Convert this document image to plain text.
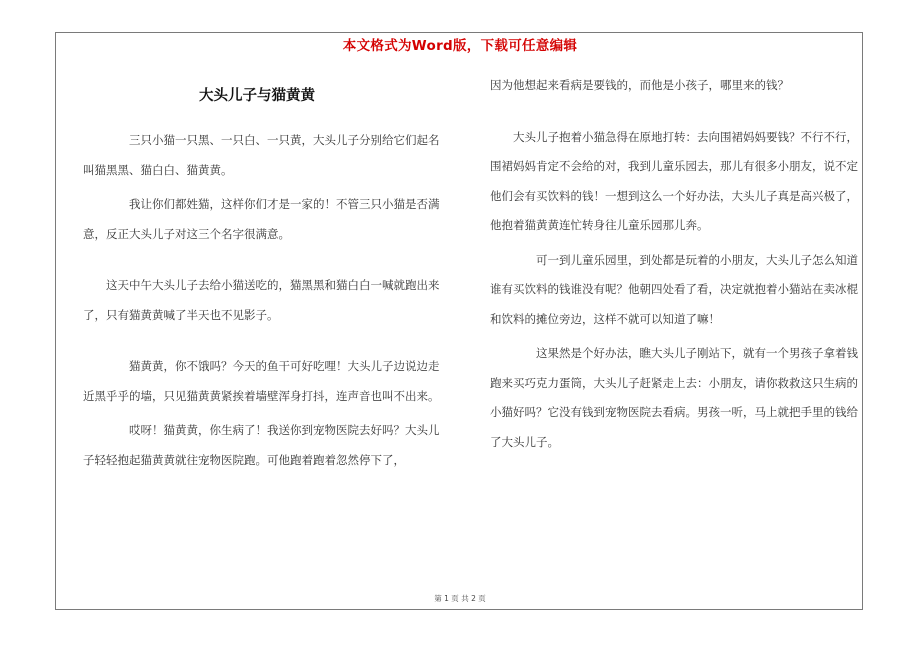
本文格式为Word版，下载可任意编辑
大头儿子与猫黄黄

　　　　三只小猫一只黑、一只白、一只黄，大头儿子分别给它们起名叫猫黑黑、猫白白、猫黄黄。

　　　　我让你们都姓猫，这样你们才是一家的！不管三只小猫是否满意，反正大头儿子对这三个名字很满意。

　　这天中午大头儿子去给小猫送吃的，猫黑黑和猫白白一喊就跑出来了，只有猫黄黄喊了半天也不见影子。

　　　　猫黄黄，你不饿吗？今天的鱼干可好吃哩！大头儿子边说边走近黑乎乎的墙，只见猫黄黄紧挨着墙壁浑身打抖，连声音也叫不出来。

　　　　哎呀！猫黄黄，你生病了！我送你到宠物医院去好吗？大头儿子轻轻抱起猫黄黄就往宠物医院跑。可他跑着跑着忽然停下了，

因为他想起来看病是要钱的，而他是小孩子，哪里来的钱？

　　大头儿子抱着小猫急得在原地打转：去向围裙妈妈要钱？不行不行，围裙妈妈肯定不会给的对，我到儿童乐园去，那儿有很多小朋友，说不定他们会有买饮料的钱！一想到这么一个好办法，大头儿子真是高兴极了，他抱着猫黄黄连忙转身往儿童乐园那儿奔。

　　　　可一到儿童乐园里，到处都是玩着的小朋友，大头儿子怎么知道谁有买饮料的钱谁没有呢？他朝四处看了看，决定就抱着小猫站在卖冰棍和饮料的摊位旁边，这样不就可以知道了嘛！

　　　　这果然是个好办法，瞧大头儿子刚站下，就有一个男孩子拿着钱跑来买巧克力蛋筒，大头儿子赶紧走上去：小朋友，请你救救这只生病的小猫好吗？它没有钱到宠物医院去看病。男孩一听，马上就把手里的钱给了大头儿子。

第 1 页 共 2 页
